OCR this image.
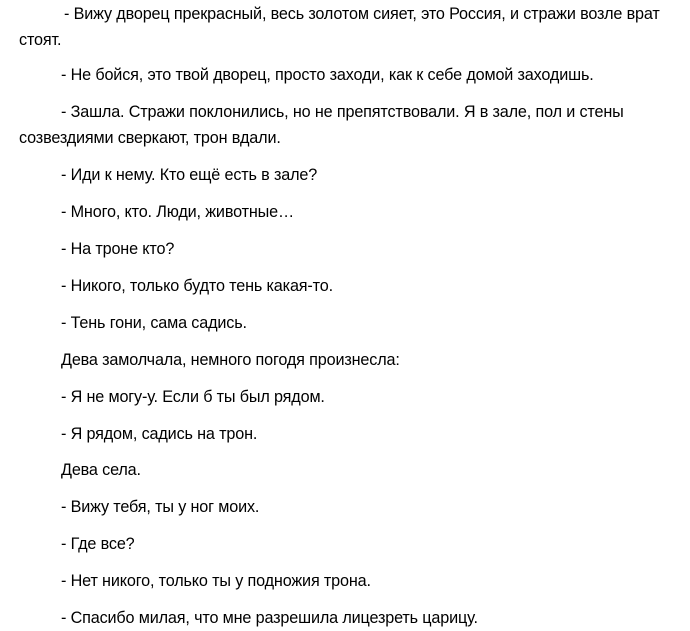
- Вижу дворец прекрасный, весь золотом сияет, это Россия, и стражи возле врат стоят.

- Не бойся, это твой дворец, просто заходи, как к себе домой заходишь.

- Зашла. Стражи поклонились, но не препятствовали. Я в зале, пол и стены созвездиями сверкают, трон вдали.

- Иди к нему. Кто ещё есть в зале?

- Много, кто. Люди, животные…

- На троне кто?

- Никого, только будто тень какая-то.

- Тень гони, сама садись.

Дева замолчала, немного погодя произнесла:

- Я не могу-у. Если б ты был рядом.

- Я рядом, садись на трон.

Дева села.

- Вижу тебя, ты у ног моих.

- Где все?

- Нет никого, только ты у подножия трона.

- Спасибо милая, что мне разрешила лицезреть царицу.
